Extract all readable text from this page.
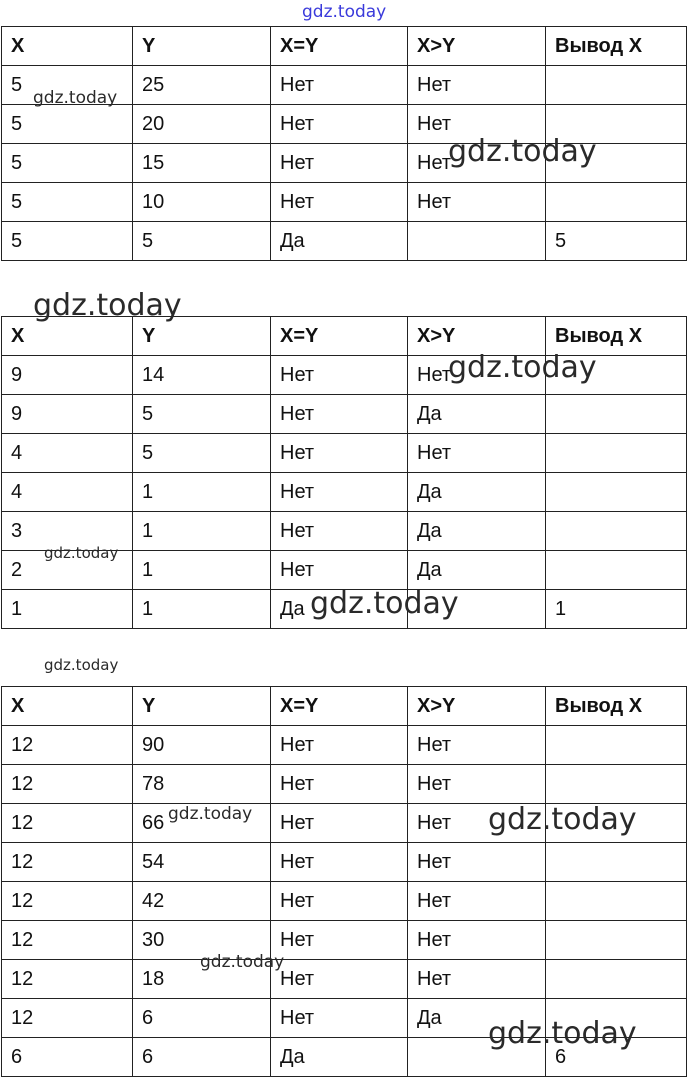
gdz.today
X	Y	X=Y	X>Y	Вывод X
5	25	Нет	Нет	
5	20	Нет	Нет	
5	15	Нет	Нет	
5	10	Нет	Нет	
5	5	Да		5
X	Y	X=Y	X>Y	Вывод X
9	14	Нет	Нет	
9	5	Нет	Да	
4	5	Нет	Нет	
4	1	Нет	Да	
3	1	Нет	Да	
2	1	Нет	Да	
1	1	Да		1
X	Y	X=Y	X>Y	Вывод X
12	90	Нет	Нет	
12	78	Нет	Нет	
12	66	Нет	Нет	
12	54	Нет	Нет	
12	42	Нет	Нет	
12	30	Нет	Нет	
12	18	Нет	Нет	
12	6	Нет	Да	
6	6	Да		6
gdz.today
gdz.today
gdz.today
gdz.today
gdz.today
gdz.today
gdz.today
gdz.today	gdz.today
gdz.today
gdz.today
